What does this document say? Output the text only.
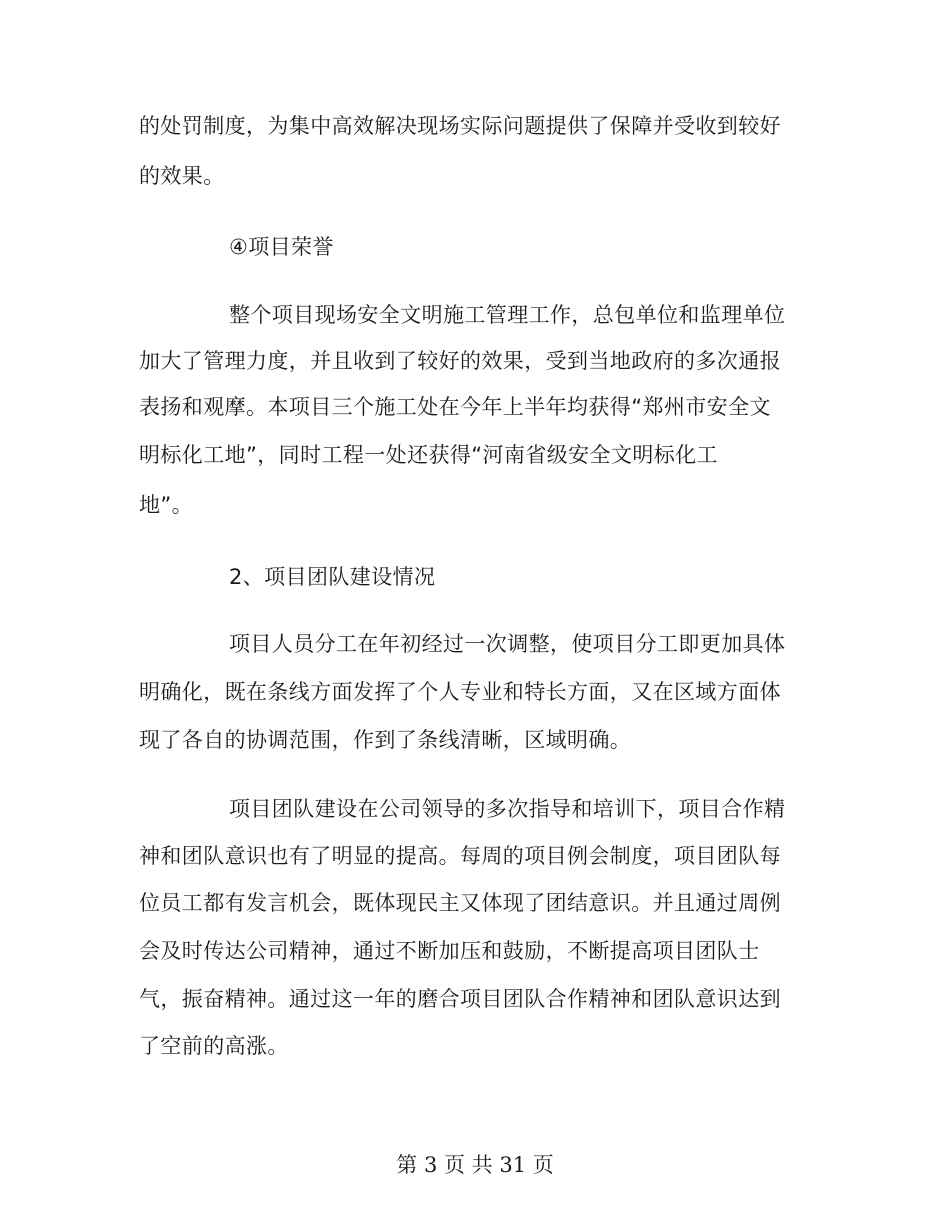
的处罚制度，为集中高效解决现场实际问题提供了保障并受收到较好
的效果。
④项目荣誉
整个项目现场安全文明施工管理工作，总包单位和监理单位
加大了管理力度，并且收到了较好的效果，受到当地政府的多次通报
表扬和观摩。本项目三个施工处在今年上半年均获得“郑州市安全文
明标化工地”，同时工程一处还获得“河南省级安全文明标化工
地”。
2、项目团队建设情况
项目人员分工在年初经过一次调整，使项目分工即更加具体
明确化，既在条线方面发挥了个人专业和特长方面，又在区域方面体
现了各自的协调范围，作到了条线清晰，区域明确。
项目团队建设在公司领导的多次指导和培训下，项目合作精
神和团队意识也有了明显的提高。每周的项目例会制度，项目团队每
位员工都有发言机会，既体现民主又体现了团结意识。并且通过周例
会及时传达公司精神，通过不断加压和鼓励，不断提高项目团队士
气，振奋精神。通过这一年的磨合项目团队合作精神和团队意识达到
了空前的高涨。
第 3 页 共 31 页
